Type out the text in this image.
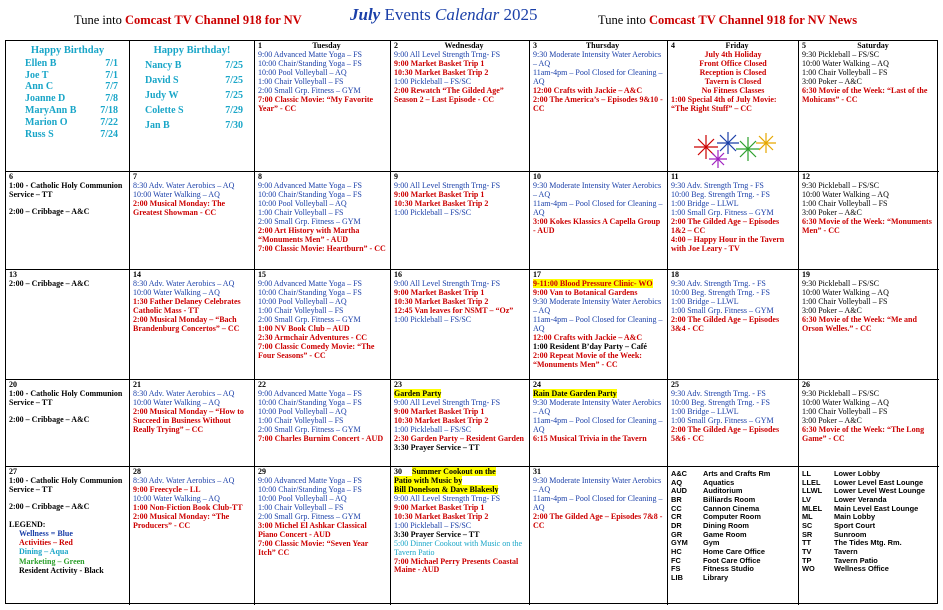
Tune into Comcast TV Channel 918 for NV	July Events Calendar 2025	Tune into Comcast TV Channel 918 for NV News
Happy Birthday
Ellen B	7/1
Joe T	7/1
Ann C	7/7
Joanne D	7/8
MaryAnn B 7/18
Marion O	7/22
Russ S	7/24
Happy Birthday!
Nancy B	7/25
David S	7/25
Judy W	7/25
Colette S	7/29
Jan B	7/30
1	Tuesday
9:00 Advanced Matte Yoga – FS
10:00 Chair/Standing Yoga – FS
10:00 Pool Volleyball – AQ
1:00 Chair Volleyball – FS
2:00 Small Grp. Fitness – GYM
7:00 Classic Movie: “My Favorite Year” - CC
2	Wednesday
9:00 All Level Strength Trng- FS
9:00 Market Basket Trip 1
10:30 Market Basket Trip 2
1:00 Pickleball – FS/SC
2:00 Rewatch “The Gilded Age” Season 2 – Last Episode - CC
3	Thursday
9:30 Moderate Intensity Water Aerobics – AQ
11am-4pm – Pool Closed for Cleaning – AQ
12:00 Crafts with Jackie – A&C
2:00 The America’s – Episodes 9&10 - CC
4	Friday
July 4th Holiday
Front Office Closed
Reception is Closed
Tavern is Closed
No Fitness Classes
1:00 Special 4th of July Movie: “The Right Stuff” – CC
5	Saturday
9:30 Pickleball – FS/SC
10:00 Water Walking – AQ
1:00 Chair Volleyball – FS
3:00 Poker – A&C
6:30 Movie of the Week: “Last of the Mohicans” - CC
6
1:00 - Catholic Holy Communion Service – TT
2:00 – Cribbage – A&C
7
8:30 Adv. Water Aerobics – AQ
10:00 Water Walking – AQ
2:00 Musical Monday: The Greatest Showman - CC
8
9:00 Advanced Matte Yoga – FS
10:00 Chair/Standing Yoga – FS
10:00 Pool Volleyball – AQ
1:00 Chair Volleyball – FS
2:00 Small Grp. Fitness – GYM
2:00 Art History with Martha “Monuments Men” - AUD
7:00 Classic Movie: Heartburn” - CC
9
9:00 All Level Strength Trng- FS
9:00 Market Basket Trip 1
10:30 Market Basket Trip 2
1:00 Pickleball – FS/SC
10
9:30 Moderate Intensity Water Aerobics – AQ
11am-4pm – Pool Closed for Cleaning – AQ
3:00 Kokes Klassics A Capella Group - AUD
11
9:30 Adv. Strength Trng - FS
10:00 Beg. Strength Trng. - FS
1:00 Bridge – LLWL
1:00 Small Grp. Fitness – GYM
2:00 The Gilded Age – Episodes 1&2 – CC
4:00 – Happy Hour in the Tavern with Joe Leary - TV
12
9:30 Pickleball – FS/SC
10:00 Water Walking – AQ
1:00 Chair Volleyball – FS
3:00 Poker – A&C
6:30 Movie of the Week: “Monuments Men” - CC
13
2:00 – Cribbage – A&C
14
8:30 Adv. Water Aerobics – AQ
10:00 Water Walking – AQ
1:30 Father Delaney Celebrates Catholic Mass - TT
2:00 Musical Monday – “Bach Brandenburg Concertos” – CC
15
9:00 Advanced Matte Yoga – FS
10:00 Chair/Standing Yoga – FS
10:00 Pool Volleyball – AQ
1:00 Chair Volleyball – FS
2:00 Small Grp. Fitness – GYM
1:00 NV Book Club – AUD
2:30 Armchair Adventures - CC
7:00 Classic Comedy Movie: “The Four Seasons” - CC
16
9:00 All Level Strength Trng- FS
9:00 Market Basket Trip 1
10:30 Market Basket Trip 2
12:45 Van leaves for NSMT – “Oz”
1:00 Pickleball – FS/SC
17
9-11:00 Blood Pressure Clinic- WO

9:00 Van to Botanical Gardens
9:30 Moderate Intensity Water Aerobics – AQ
11am-4pm – Pool Closed for Cleaning – AQ
12:00 Crafts with Jackie – A&C
1:00 Resident B’day Party – Café
2:00 Repeat Movie of the Week: “Monuments Men” - CC
18
9:30 Adv. Strength Trng. - FS
10:00 Beg. Strength Trng. - FS
1:00 Bridge – LLWL
1:00 Small Grp. Fitness – GYM
2:00 The Gilded Age – Episodes 3&4 - CC
19
9:30 Pickleball – FS/SC
10:00 Water Walking – AQ
1:00 Chair Volleyball – FS
3:00 Poker – A&C
6:30 Movie of the Week: “Me and Orson Welles.” - CC
20
1:00 - Catholic Holy Communion Service – TT
2:00 – Cribbage – A&C
21
8:30 Adv. Water Aerobics – AQ
10:00 Water Walking – AQ
2:00 Musical Monday – “How to Succeed in Business Without Really Trying” – CC
22
9:00 Advanced Matte Yoga – FS
10:00 Chair/Standing Yoga – FS
10:00 Pool Volleyball – AQ
1:00 Chair Volleyball – FS
2:00 Small Grp. Fitness – GYM
7:00 Charles Burnim Concert - AUD
23
Garden Party

9:00 All Level Strength Trng- FS
9:00 Market Basket Trip 1
10:30 Market Basket Trip 2
1:00 Pickleball – FS/SC
2:30 Garden Party – Resident Garden
3:30 Prayer Service – TT
24
Rain Date Garden Party

9:30 Moderate Intensity Water Aerobics – AQ
11am-4pm – Pool Closed for Cleaning – AQ
6:15 Musical Trivia in the Tavern
25
9:30 Adv. Strength Trng. - FS
10:00 Beg. Strength Trng. - FS
1:00 Bridge – LLWL
1:00 Small Grp. Fitness – GYM
2:00 The Gilded Age – Episodes 5&6 - CC
26
9:30 Pickleball – FS/SC
10:00 Water Walking – AQ
1:00 Chair Volleyball – FS
3:00 Poker – A&C
6:30 Movie of the Week: “The Long Game” - CC
27
1:00 - Catholic Holy Communion Service – TT
2:00 – Cribbage – A&C
LEGEND:
Wellness = Blue
Activities – Red
Dining – Aqua
Marketing – Green
Resident Activity - Black
28
8:30 Adv. Water Aerobics – AQ
9:00 Freecycle – LL
10:00 Water Walking – AQ
1:00 Non-Fiction Book Club-TT
2:00 Musical Monday: “The Producers” - CC
29
9:00 Advanced Matte Yoga – FS
10:00 Chair/Standing Yoga – FS
10:00 Pool Volleyball – AQ
1:00 Chair Volleyball – FS
2:00 Small Grp. Fitness – GYM
3:00 Michel El Ashkar Classical Piano Concert - AUD
7:00 Classic Movie: “Seven Year Itch” CC
30 Summer Cookout on the
Patio with Music by
Bill Donelson & Dave Blakesly

9:00 All Level Strength Trng- FS
9:00 Market Basket Trip 1
10:30 Market Basket Trip 2
1:00 Pickleball – FS/SC
3:30 Prayer Service – TT
5:00 Dinner Cookout with Music on the Tavern Patio
7:00 Michael Perry Presents Coastal Maine - AUD
31
9:30 Moderate Intensity Water Aerobics – AQ
11am-4pm – Pool Closed for Cleaning – AQ
2:00 The Gilded Age – Episodes 7&8 - CC
A&C	Arts and Crafts Rm
AQ	Aquatics
AUD	Auditorium
BR	Billiards Room
CC	Cannon Cinema
CR	Computer Room
DR	Dining Room
GR	Game Room
GYM	Gym
HC	Home Care Office
FC	Foot Care Office
FS	Fitness Studio
LIB	Library
LL	Lower Lobby
LLEL	Lower Level East Lounge
LLWL	Lower Level West Lounge
LV	Lower Veranda
MLEL	Main Level East Lounge
ML	Main Lobby
SC	Sport Court
SR	Sunroom
TT	The Tides Mtg. Rm.
TV	Tavern
TP	Tavern Patio
WO	Wellness Office
